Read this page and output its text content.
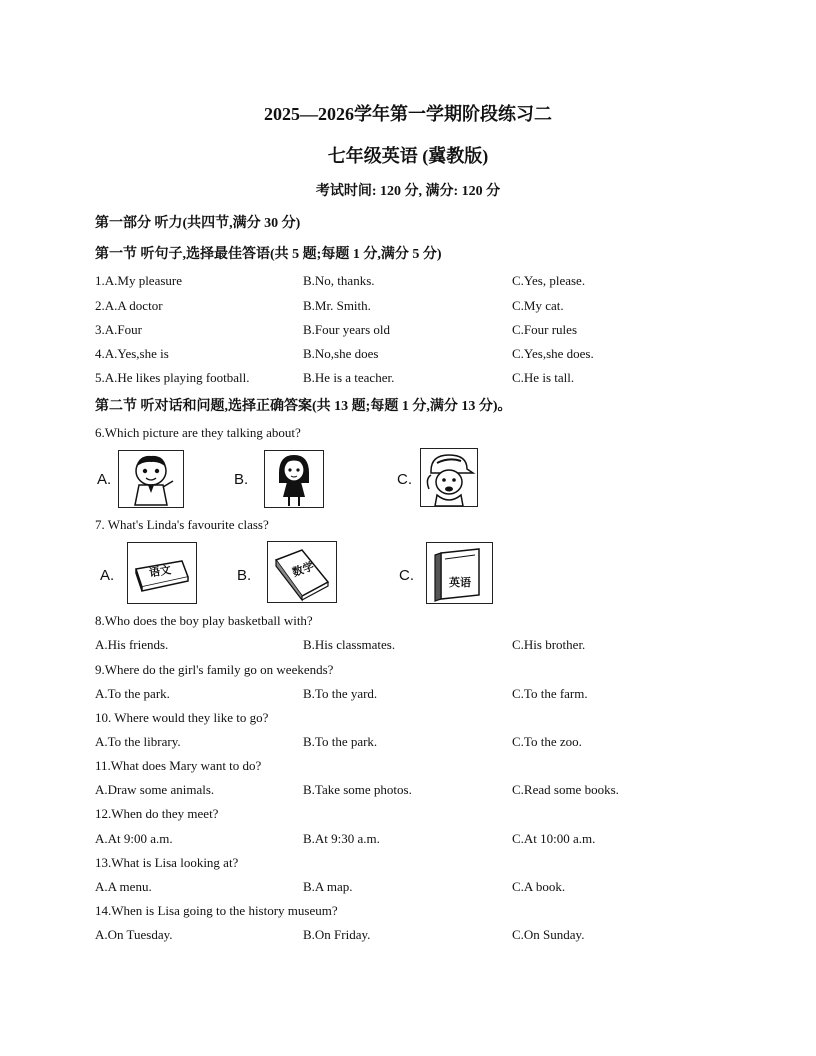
2025—2026学年第一学期阶段练习二
七年级英语 (冀教版)
考试时间: 120 分, 满分: 120 分
第一部分 听力(共四节,满分 30 分)
第一节 听句子,选择最佳答语(共 5 题;每题 1 分,满分 5 分)
1.A.My pleasure	B.No, thanks.	C.Yes, please.
2.A.A doctor	B.Mr. Smith.	C.My cat.
3.A.Four	B.Four years old	C.Four rules
4.A.Yes,she is	B.No,she does	C.Yes,she does.
5.A.He likes playing football.	B.He is a teacher.	C.He is tall.
第二节 听对话和问题,选择正确答案(共 13 题;每题 1 分,满分 13 分)。
6.Which picture are they talking about?
A.	B.	C.
7. What's Linda's favourite class?
A.	语文	B.	数学	C.	英语
8.Who does the boy play basketball with?
A.His friends.	B.His classmates.	C.His brother.
9.Where do the girl's family go on weekends?
A.To the park.	B.To the yard.	C.To the farm.
10. Where would they like to go?
A.To the library.	B.To the park.	C.To the zoo.
11.What does Mary want to do?
A.Draw some animals.	B.Take some photos.	C.Read some books.
12.When do they meet?
A.At 9:00 a.m.	B.At 9:30 a.m.	C.At 10:00 a.m.
13.What is Lisa looking at?
A.A menu.	B.A map.	C.A book.
14.When is Lisa going to the history museum?
A.On Tuesday.	B.On Friday.	C.On Sunday.
